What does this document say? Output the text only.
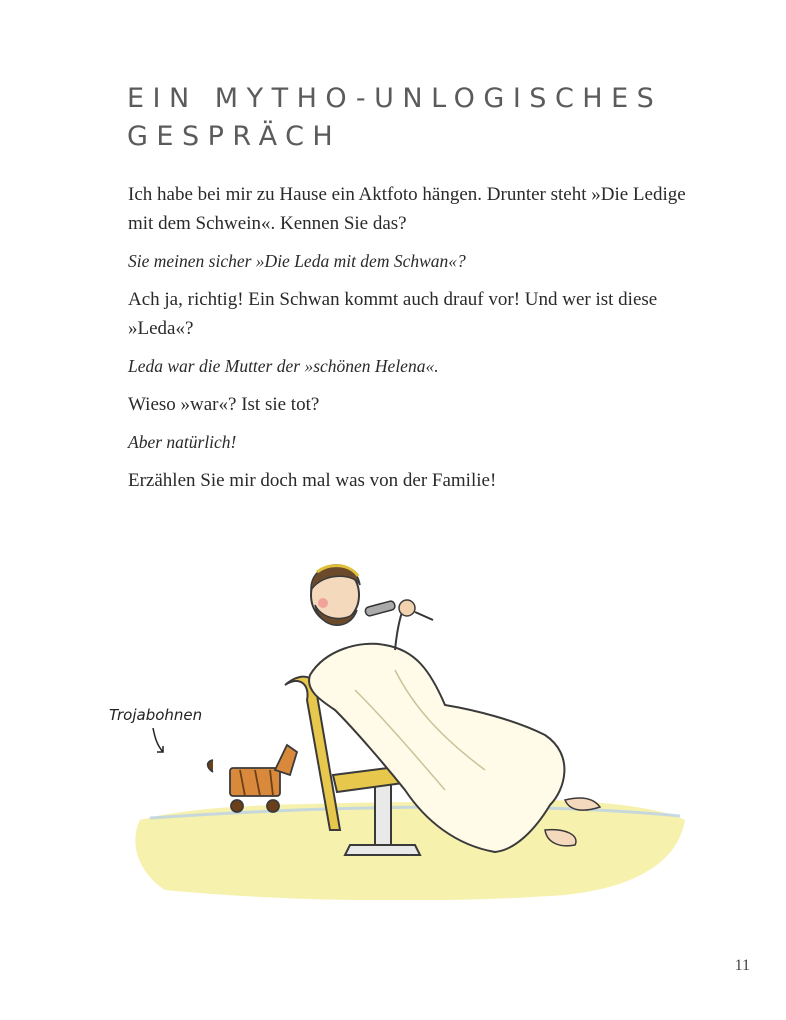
EIN MYTHO-UNLOGISCHES
GESPRÄCH

Ich habe bei mir zu Hause ein Aktfoto hängen. Drunter steht »Die Ledige mit dem Schwein«. Kennen Sie das?

Sie meinen sicher »Die Leda mit dem Schwan«?

Ach ja, richtig! Ein Schwan kommt auch drauf vor! Und wer ist diese »Leda«?

Leda war die Mutter der »schönen Helena«.

Wieso »war«? Ist sie tot?

Aber natürlich!

Erzählen Sie mir doch mal was von der Familie!

Trojabohnen
11
